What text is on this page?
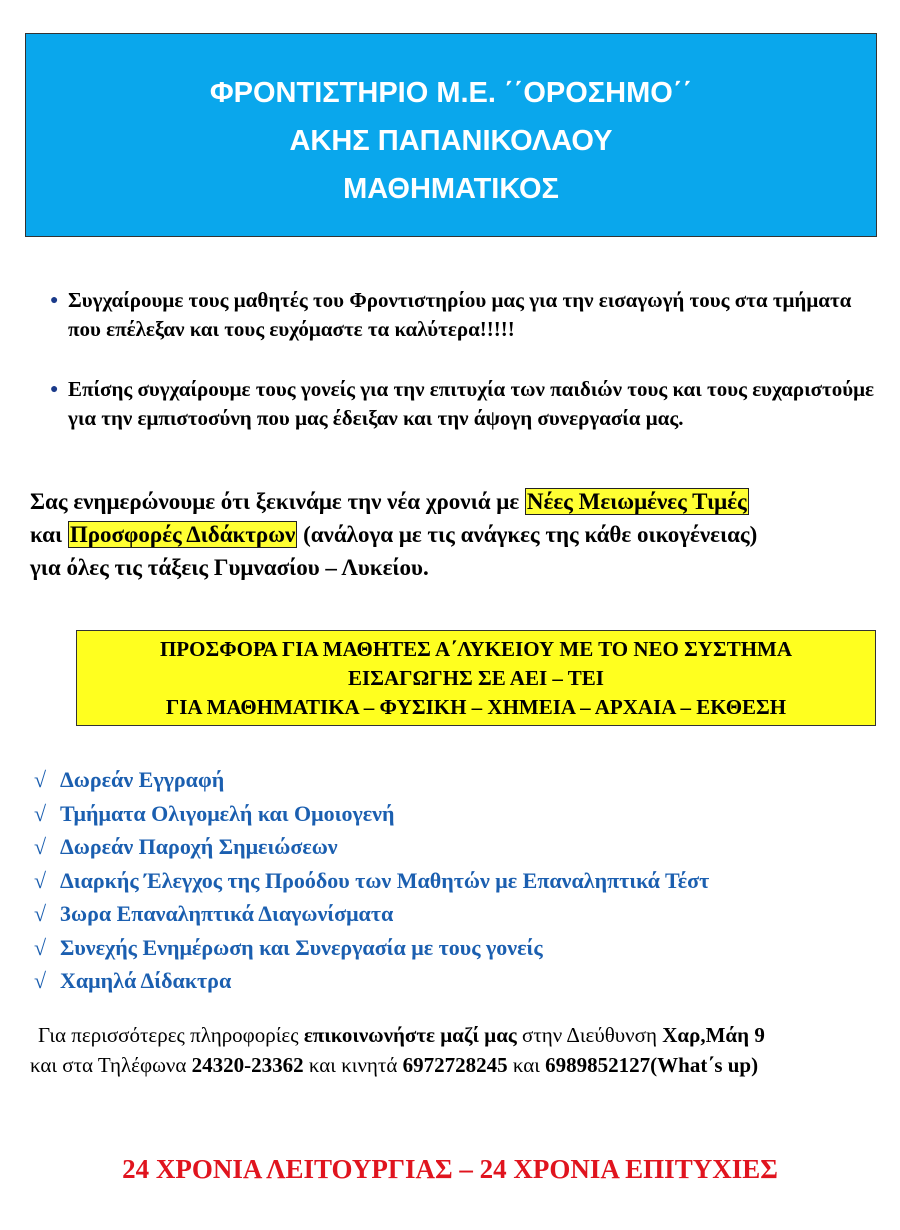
ΦΡΟΝΤΙΣΤΗΡΙΟ Μ.Ε. ΄΄ΟΡΟΣΗΜΟ΄΄
ΑΚΗΣ ΠΑΠΑΝΙΚΟΛΑΟΥ
ΜΑΘΗΜΑΤΙΚΟΣ
● Συγχαίρουμε τους μαθητές του Φροντιστηρίου μας για την εισαγωγή τους στα τμήματα που επέλεξαν και τους ευχόμαστε τα καλύτερα!!!!!
● Επίσης συγχαίρουμε τους γονείς για την επιτυχία των παιδιών τους και τους ευχαριστούμε για την εμπιστοσύνη που μας έδειξαν και την άψογη συνεργασία μας.
Σας ενημερώνουμε ότι ξεκινάμε την νέα χρονιά με Νέες Μειωμένες Τιμές
και Προσφορές Διδάκτρων (ανάλογα με τις ανάγκες της κάθε οικογένειας)
για όλες τις τάξεις Γυμνασίου – Λυκείου.
ΠΡΟΣΦΟΡΑ ΓΙΑ ΜΑΘΗΤΕΣ Α΄ΛΥΚΕΙΟΥ ΜΕ ΤΟ ΝΕΟ ΣΥΣΤΗΜΑ
ΕΙΣΑΓΩΓΗΣ ΣΕ ΑΕΙ – ΤΕΙ
ΓΙΑ ΜΑΘΗΜΑΤΙΚΑ – ΦΥΣΙΚΗ – ΧΗΜΕΙΑ – ΑΡΧΑΙΑ – ΕΚΘΕΣΗ
√ Δωρεάν Εγγραφή
√ Τμήματα Ολιγομελή και Ομοιογενή
√ Δωρεάν Παροχή Σημειώσεων
√ Διαρκής Έλεγχος της Προόδου των Μαθητών με Επαναληπτικά Τέστ
√ 3ωρα Επαναληπτικά Διαγωνίσματα
√ Συνεχής Ενημέρωση και Συνεργασία με τους γονείς
√ Χαμηλά Δίδακτρα
Για περισσότερες πληροφορίες επικοινωνήστε μαζί μας στην Διεύθυνση Χαρ,Μάη 9
και στα Τηλέφωνα 24320-23362 και κινητά 6972728245 και 6989852127(What΄s up)
24 ΧΡΟΝΙΑ ΛΕΙΤΟΥΡΓΙΑΣ – 24 ΧΡΟΝΙΑ ΕΠΙΤΥΧΙΕΣ
